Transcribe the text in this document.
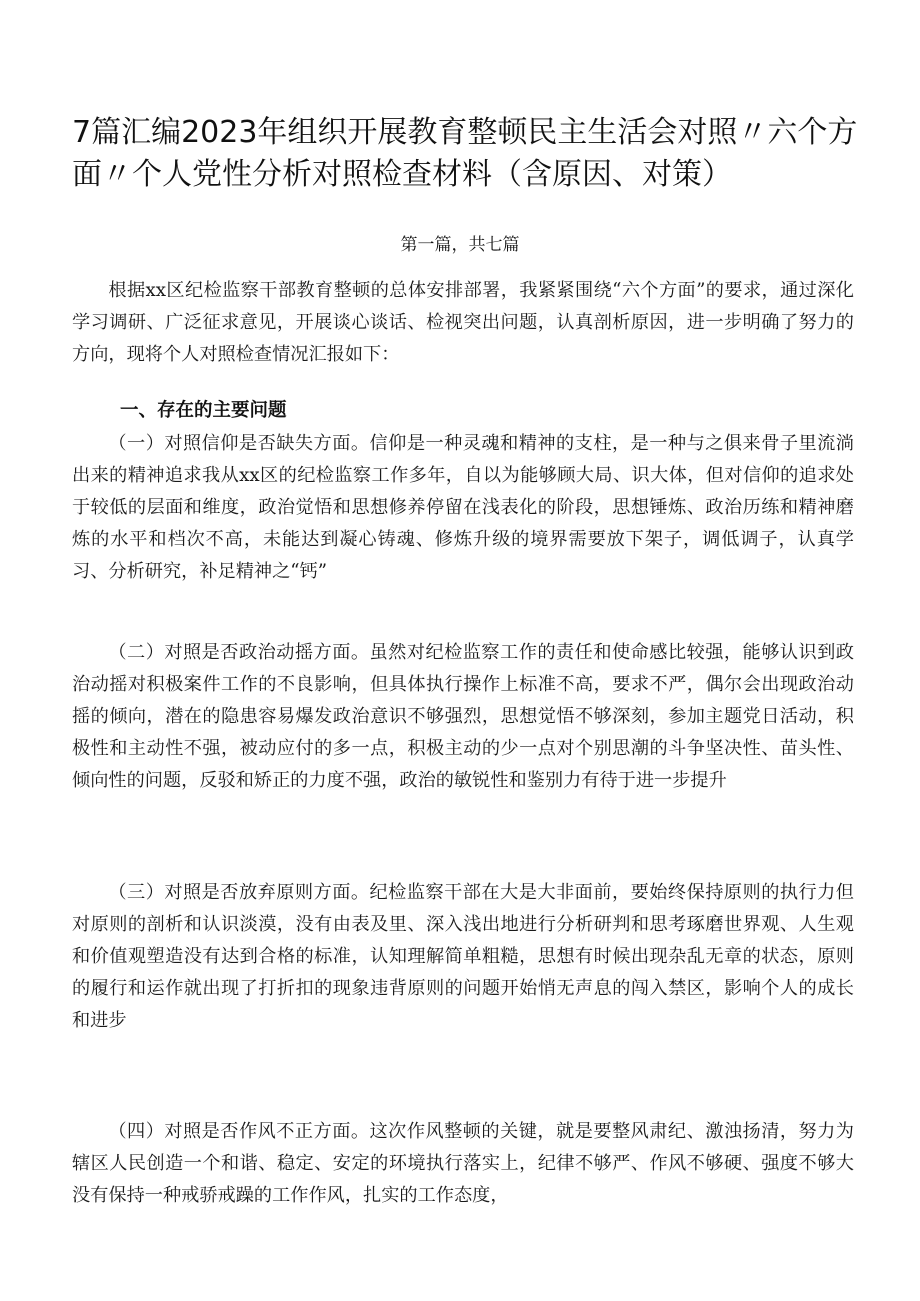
7篇汇编2023年组织开展教育整顿民主生活会对照〃六个方面〃个人党性分析对照检查材料（含原因、对策）
第一篇，共七篇

根据xx区纪检监察干部教育整顿的总体安排部署，我紧紧围绕“六个方面”的要求，通过深化学习调研、广泛征求意见，开展谈心谈话、检视突出问题，认真剖析原因，进一步明确了努力的方向，现将个人对照检查情况汇报如下：

一、存在的主要问题

（一）对照信仰是否缺失方面。信仰是一种灵魂和精神的支柱，是一种与之俱来骨子里流淌出来的精神追求我从xx区的纪检监察工作多年，自以为能够顾大局、识大体，但对信仰的追求处于较低的层面和维度，政治觉悟和思想修养停留在浅表化的阶段，思想锤炼、政治历练和精神磨炼的水平和档次不高，未能达到凝心铸魂、修炼升级的境界需要放下架子，调低调子，认真学习、分析研究，补足精神之“钙”

（二）对照是否政治动摇方面。虽然对纪检监察工作的责任和使命感比较强，能够认识到政治动摇对积极案件工作的不良影响，但具体执行操作上标准不高，要求不严，偶尔会出现政治动摇的倾向，潜在的隐患容易爆发政治意识不够强烈，思想觉悟不够深刻，参加主题党日活动，积极性和主动性不强，被动应付的多一点，积极主动的少一点对个别思潮的斗争坚决性、苗头性、倾向性的问题，反驳和矫正的力度不强，政治的敏锐性和鉴别力有待于进一步提升

（三）对照是否放弃原则方面。纪检监察干部在大是大非面前，要始终保持原则的执行力但对原则的剖析和认识淡漠，没有由表及里、深入浅出地进行分析研判和思考琢磨世界观、人生观和价值观塑造没有达到合格的标准，认知理解简单粗糙，思想有时候出现杂乱无章的状态，原则的履行和运作就出现了打折扣的现象违背原则的问题开始悄无声息的闯入禁区，影响个人的成长和进步

（四）对照是否作风不正方面。这次作风整顿的关键，就是要整风肃纪、激浊扬清，努力为辖区人民创造一个和谐、稳定、安定的环境执行落实上，纪律不够严、作风不够硬、强度不够大没有保持一种戒骄戒躁的工作作风，扎实的工作态度，
